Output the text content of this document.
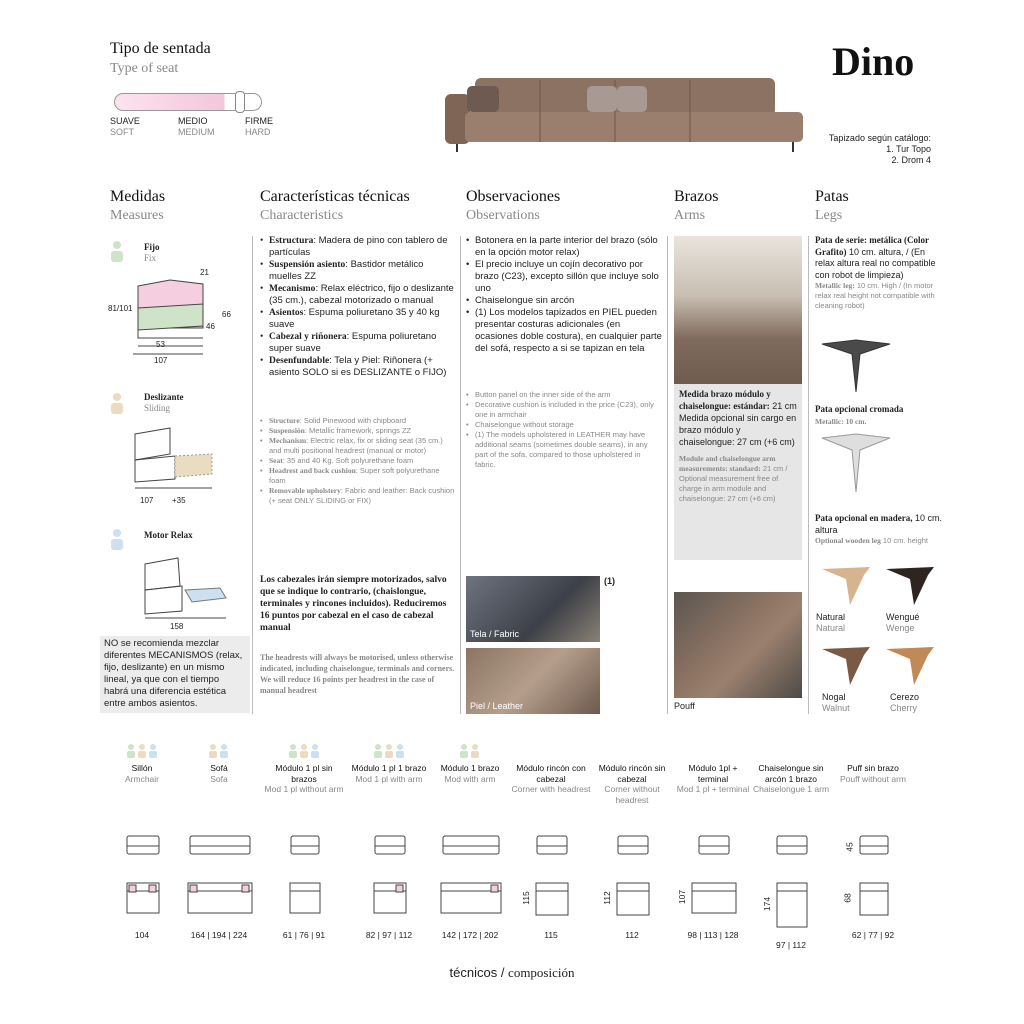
Tipo de sentada
Type of seat
SUAVE
SOFT
MEDIO
MEDIUM
FIRME
HARD
Dino
Tapizado según catálogo:
1. Tur Topo
2. Drom 4
Medidas
Measures
Características técnicas
Characteristics
Observaciones
Observations
Brazos
Arms
Patas
Legs
Fijo
Fix
21
81/101
66
46
53
107
Deslizante
Sliding
107 +35
Motor Relax
158
NO se recomienda mezclar diferentes MECANISMOS (relax, fijo, deslizante) en un mismo lineal, ya que con el tiempo habrá una diferencia estética entre ambos asientos.
• Estructura: Madera de pino con tablero de partículas
• Suspensión asiento: Bastidor metálico muelles ZZ
• Mecanismo: Relax eléctrico, fijo o deslizante (35 cm.), cabezal motorizado o manual
• Asientos: Espuma poliuretano 35 y 40 kg suave
• Cabezal y riñonera: Espuma poliuretano super suave
• Desenfundable: Tela y Piel: Riñonera (+ asiento SOLO si es DESLIZANTE o FIJO)
• Structure: Solid Pinewood with chipboard
• Suspensión: Metallic framework, springs ZZ
• Mechanism: Electric relax, fix or sliding seat (35 cm.) and multi positional headrest (manual or motor)
• Seat: 35 and 40 Kg. Soft polyurethane foam
• Headrest and back cushion: Super soft polyurethane foam
• Removable upholstery: Fabric and leather: Back cushion (+ seat ONLY SLIDING or FIX)
Los cabezales irán siempre motorizados, salvo que se indique lo contrario, (chaislongue, terminales y rincones incluidos). Reduciremos 16 puntos por cabezal en el caso de cabezal manual
The headrests will always be motorised, unless otherwise indicated, including chaiselongue, terminals and corners. We will reduce 16 points per headrest in the case of manual headrest
• Botonera en la parte interior del brazo (sólo en la opción motor relax)
• El precio incluye un cojín decorativo por brazo (C23), excepto sillón que incluye solo uno
• Chaiselongue sin arcón
• (1) Los modelos tapizados en PIEL pueden presentar costuras adicionales (en ocasiones doble costura), en cualquier parte del sofá, respecto a si se tapizan en tela
• Button panel on the inner side of the arm
• Decorative cushion is included in the price (C23), only one in armchair
• Chaiselongue without storage
• (1) The models upholstered in LEATHER may have additional seams (sometimes double seams), in any part of the sofa, compared to those upholstered in fabric.
Tela / Fabric
(1)
Piel / Leather
Medida brazo módulo y chaiselongue: estándar: 21 cm
Medida opcional sin cargo en brazo módulo y chaiselongue: 27 cm (+6 cm)
Module and chaiselongue arm measurements: standard: 21 cm / Optional measurement free of charge in arm module and chaiselongue: 27 cm (+6 cm)
Pouff
Pata de serie: metálica (Color Grafito) 10 cm. altura, / (En relax altura real no compatible con robot de limpieza)
Metallic leg: 10 cm. High / (In motor relax real height not compatible with cleaning robot)
Pata opcional cromada
Metallic: 10 cm.
Pata opcional en madera, 10 cm. altura
Optional wooden leg 10 cm. height
Natural
Natural
Wengué
Wenge
Nogal
Walnut
Cerezo
Cherry
Sillón
Armchair
104
Sofá
Sofa
164 | 194 | 224
Módulo 1 pl sin brazos
Mod 1 pl without arm
61 | 76 | 91
Módulo 1 pl 1 brazo
Mod 1 pl with arm
82 | 97 | 112
Módulo 1 brazo
Mod with arm
142 | 172 | 202
Módulo rincón con cabezal
Corner with headrest
115
115
Módulo rincón sin cabezal
Corner without headrest
112
112
Módulo 1pl + terminal
Mod 1 pl + terminal
98 | 113 | 128
107
Chaiselongue sin arcón 1 brazo
Chaiselongue 1 arm
97 | 112
174
Puff sin brazo
Pouff without arm
62 | 77 | 92
68
45
técnicos / composición
